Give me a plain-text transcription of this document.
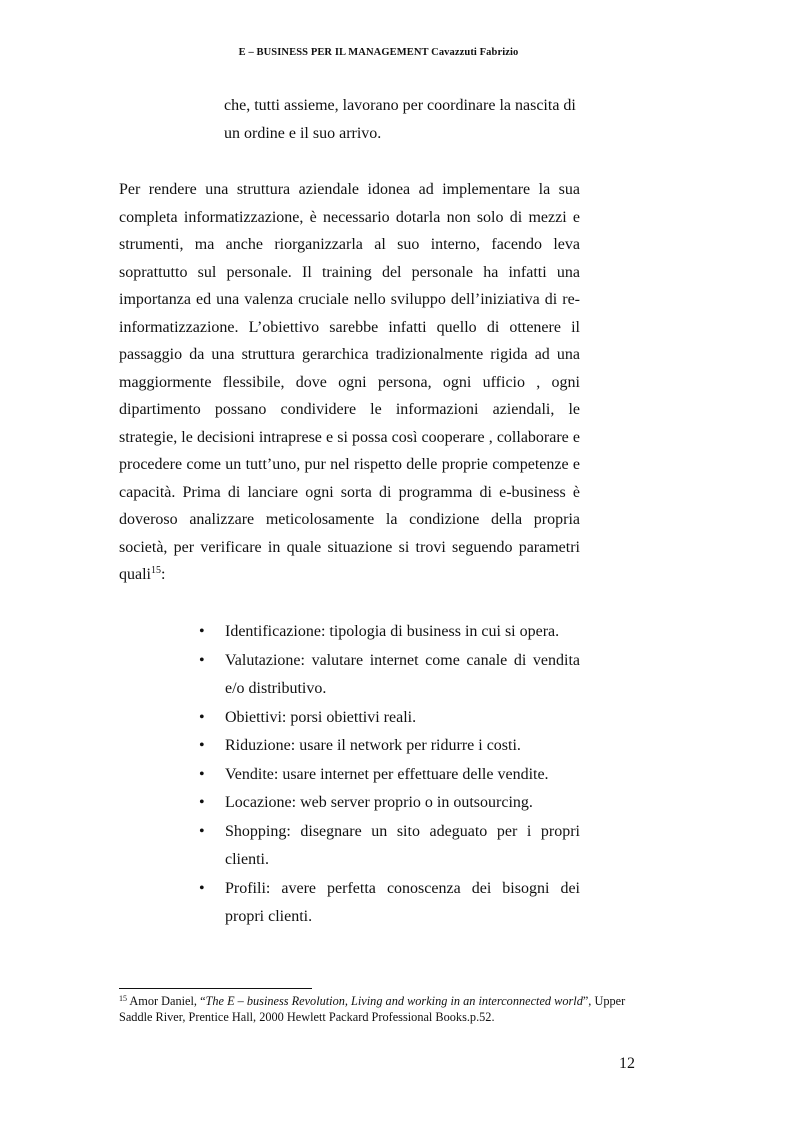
E – BUSINESS PER IL MANAGEMENT Cavazzuti Fabrizio

che, tutti assieme, lavorano per coordinare la nascita di

un ordine e il suo arrivo.

Per rendere una struttura aziendale idonea ad implementare la sua completa informatizzazione, è necessario dotarla non solo di mezzi e strumenti, ma anche riorganizzarla al suo interno, facendo leva soprattutto sul personale. Il training del personale ha infatti una importanza ed una valenza cruciale nello sviluppo dell’iniziativa di re-informatizzazione. L’obiettivo sarebbe infatti quello di ottenere il passaggio da una struttura gerarchica tradizionalmente rigida ad una maggiormente flessibile, dove ogni persona, ogni ufficio , ogni dipartimento possano condividere le informazioni aziendali, le strategie, le decisioni intraprese e si possa così cooperare , collaborare e procedere come un tutt’uno, pur nel rispetto delle proprie competenze e capacità. Prima di lanciare ogni sorta di programma di e-business è doveroso analizzare meticolosamente la condizione della propria società, per verificare in quale situazione si trovi seguendo parametri quali$^{15}$:

• Identificazione: tipologia di business in cui si opera.
• Valutazione: valutare internet come canale di vendita e/o distributivo.
• Obiettivi: porsi obiettivi reali.
• Riduzione: usare il network per ridurre i costi.
• Vendite: usare internet per effettuare delle vendite.
• Locazione: web server proprio o in outsourcing.
• Shopping: disegnare un sito adeguato per i propri clienti.
• Profili: avere perfetta conoscenza dei bisogni dei propri clienti.
$^{15}$ Amor Daniel, “The E – business Revolution, Living and working in an interconnected world”, Upper Saddle River, Prentice Hall, 2000 Hewlett Packard Professional Books.p.52.
12
